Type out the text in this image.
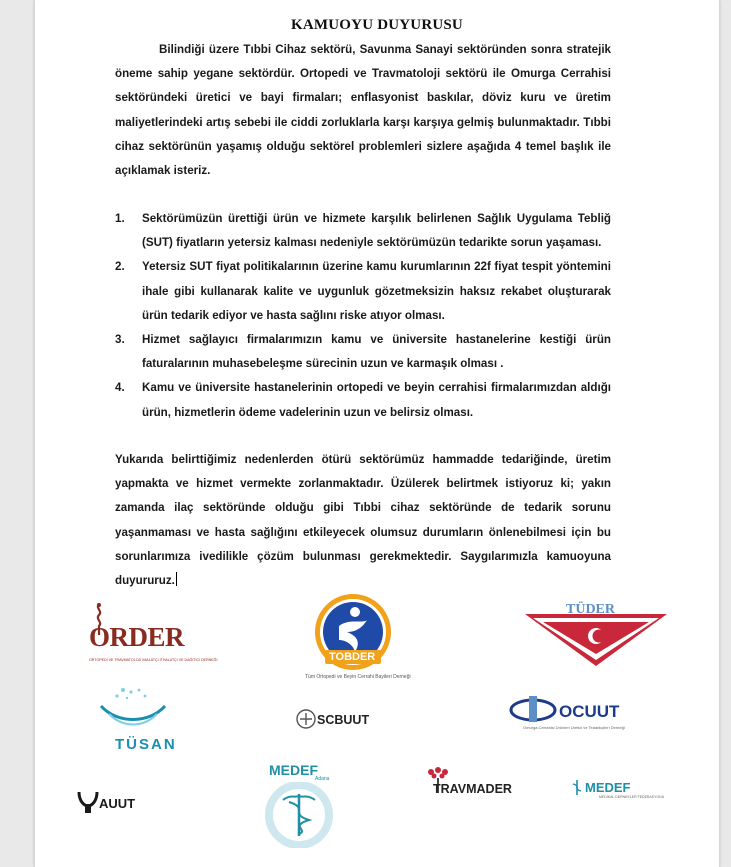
KAMUOYU DUYURUSU
Bilindiği üzere Tıbbi Cihaz sektörü, Savunma Sanayi sektöründen sonra stratejik öneme sahip yegane sektördür. Ortopedi ve Travmatoloji sektörü ile Omurga Cerrahisi sektöründeki üretici ve bayi firmaları; enflasyonist baskılar, döviz kuru ve üretim maliyetlerindeki artış sebebi ile ciddi zorluklarla karşı karşıya gelmiş bulunmaktadır. Tıbbi cihaz sektörünün yaşamış olduğu sektörel problemleri sizlere aşağıda 4 temel başlık ile açıklamak isteriz.
1. Sektörümüzün ürettiği ürün ve hizmete karşılık belirlenen Sağlık Uygulama Tebliğ (SUT) fiyatların yetersiz kalması nedeniyle sektörümüzün tedarikte sorun yaşaması.
2. Yetersiz SUT fiyat politikalarının üzerine kamu kurumlarının 22f fiyat tespit yöntemini ihale gibi kullanarak kalite ve uygunluk gözetmeksizin haksız rekabet oluşturarak ürün tedarik ediyor ve hasta sağlını riske atıyor olması.
3. Hizmet sağlayıcı firmalarımızın kamu ve üniversite hastanelerine kestiği ürün faturalarının muhasebeleşme sürecinin uzun ve karmaşık olması .
4. Kamu ve üniversite hastanelerinin ortopedi ve beyin cerrahisi firmalarımızdan aldığı ürün, hizmetlerin ödeme vadelerinin uzun ve belirsiz olması.
Yukarıda belirttiğimiz nedenlerden ötürü sektörümüz hammadde tedariğinde, üretim yapmakta ve hizmet vermekte zorlanmaktadır. Üzülerek belirtmek istiyoruz ki; yakın zamanda ilaç sektöründe olduğu gibi Tıbbi cihaz sektöründe de tedarik sorunu yaşanmaması ve hasta sağlığını etkileyecek olumsuz durumların önlenebilmesi için bu sorunlarımıza ivedilikle çözüm bulunması gerekmektedir. Saygılarımızla kamuoyuna duyururuz.
ORDER
ORTOPEDİ VE TRAVMATOLOJİ İMALATÇI İTHALATÇI VE DAĞITICI DERNEĞİ	TOBDER
Tüm Ortopedi ve Beyin Cerrahi Bayileri Derneği
TÜDER
TÜSAN
SCBUUT	OCUUT
Omurga Cerrahisi Ürünleri Üretici ve Tedarikçileri Derneği
AUUT
MEDEF
Adana
TRAVMADER	MEDEF
MEDİKAL DERNEKLER FEDERASYONU
